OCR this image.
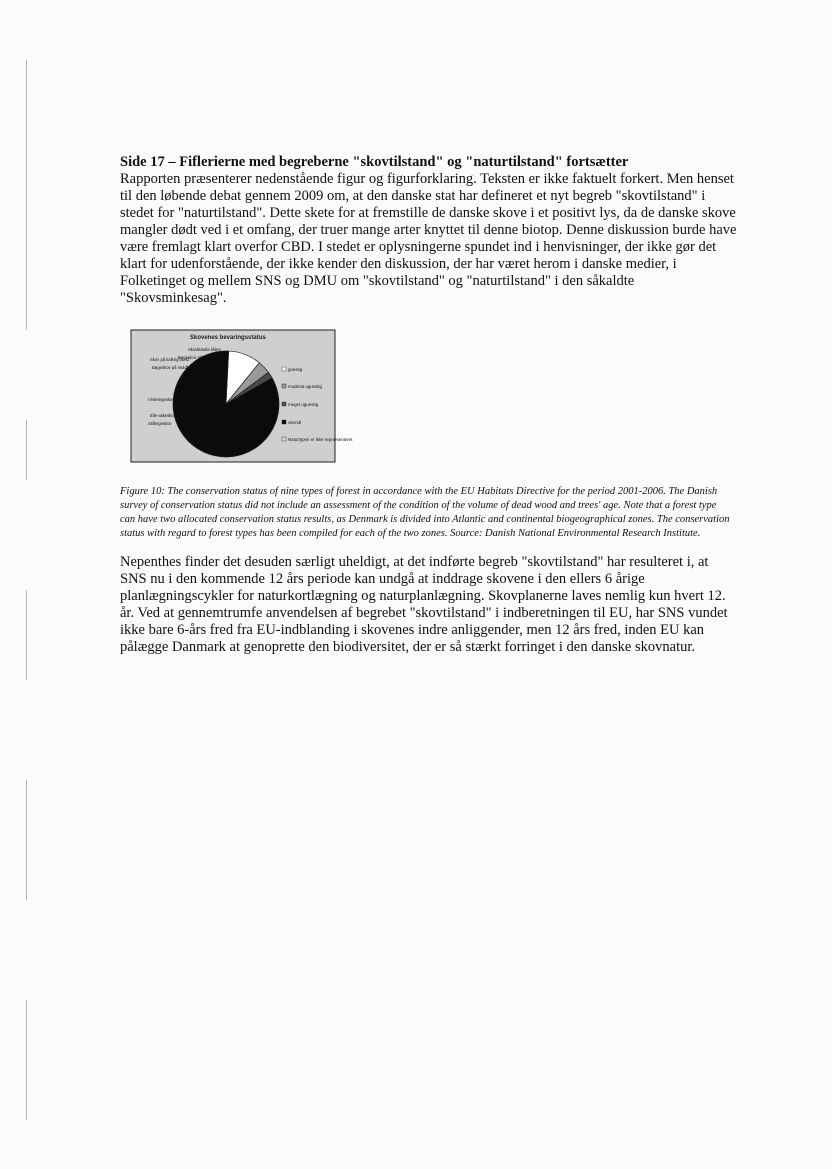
Side 17 – Fiflerierne med begreberne "skovtilstand" og "naturtilstand" fortsætter

Rapporten præsenterer nedenstående figur og figurforklaring. Teksten er ikke faktuelt forkert. Men henset til den løbende debat gennem 2009 om, at den danske stat har defineret et nyt begreb "skovtilstand" i stedet for "naturtilstand". Dette skete for at fremstille de danske skove i et positivt lys, da de danske skove mangler dødt ved i et omfang, der truer mange arter knyttet til denne biotop. Denne diskussion burde have være fremlagt klart overfor CBD. I stedet er oplysningerne spundet ind i henvisninger, der ikke gør det klart for udenforstående, der ikke kender den diskussion, der har været herom i danske medier, i Folketinget og mellem SNS og DMU om "skovtilstand" og "naturtilstand" i den såkaldte "Skovsminkesag".

Skovenes bevaringsstatus
Skovklædte klitter
Skov på kalkrig bund
Bøgeskov på morbund
Bøgeskov på muldbund
Vinteregeskov
Elle-askeskov
Stilkegeskov
gunstig
moderat ugunstig
meget ugunstig
ukendt
Naturtypen er ikke repræsenteret

Figure 10: The conservation status of nine types of forest in accordance with the EU Habitats Directive for the period 2001-2006. The Danish survey of conservation status did not include an assessment of the condition of the volume of dead wood and trees' age. Note that a forest type can have two allocated conservation status results, as Denmark is divided into Atlantic and continental biogeographical zones. The conservation status with regard to forest types has been compiled for each of the two zones. Source: Danish National Environmental Research Institute.

Nepenthes finder det desuden særligt uheldigt, at det indførte begreb "skovtilstand" har resulteret i, at SNS nu i den kommende 12 års periode kan undgå at inddrage skovene i den ellers 6 årige planlægningscykler for naturkortlægning og naturplanlægning. Skovplanerne laves nemlig kun hvert 12. år. Ved at gennemtrumfe anvendelsen af begrebet "skovtilstand" i indberetningen til EU, har SNS vundet ikke bare 6-års fred fra EU-indblanding i skovenes indre anliggender, men 12 års fred, inden EU kan pålægge Danmark at genoprette den biodiversitet, der er så stærkt forringet i den danske skovnatur.
